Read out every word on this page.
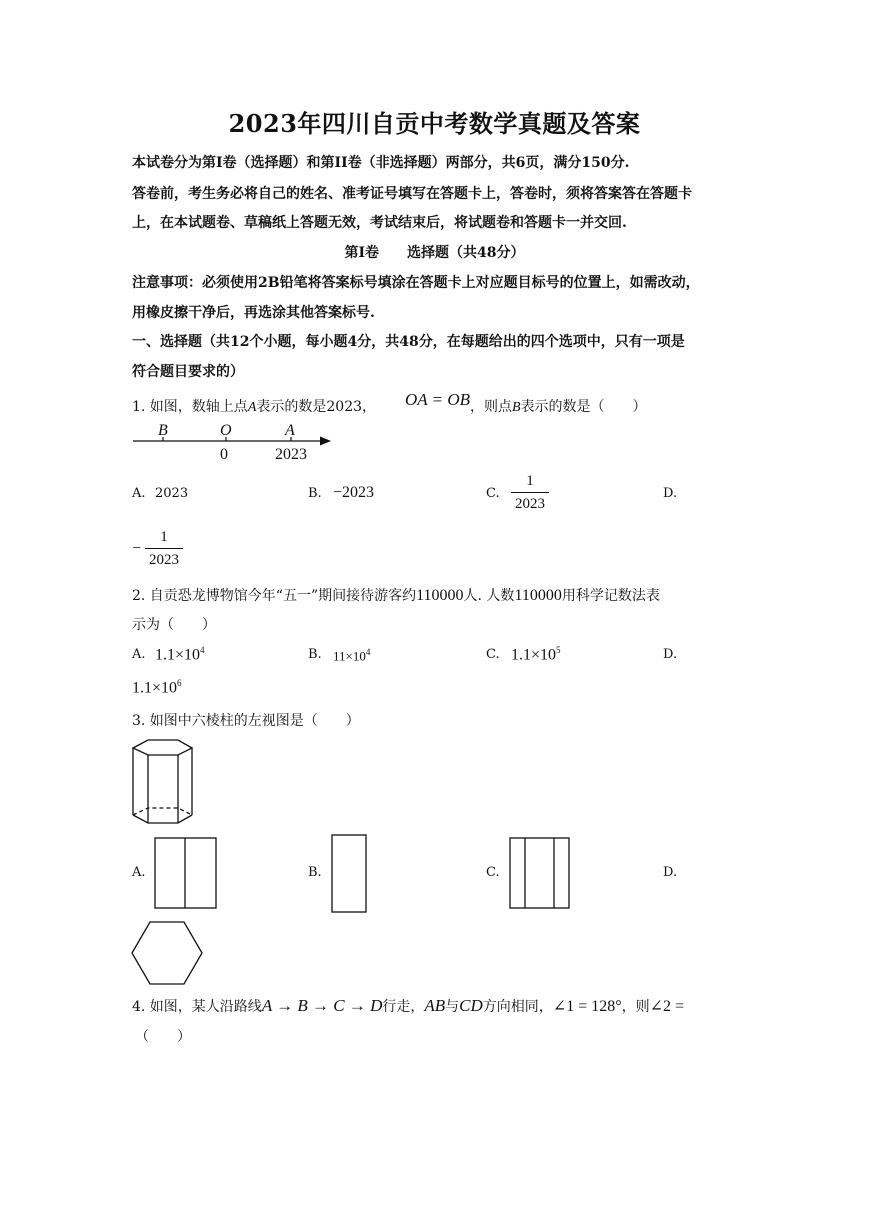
2023年四川自贡中考数学真题及答案
本试卷分为第Ⅰ卷（选择题）和第II卷（非选择题）两部分，共6页，满分150分.
答卷前，考生务必将自己的姓名、准考证号填写在答题卡上，答卷时，须将答案答在答题卡
上，在本试题卷、草稿纸上答题无效，考试结束后，将试题卷和答题卡一并交回.
第Ⅰ卷　　选择题（共48分）
注意事项：必须使用2B铅笔将答案标号填涂在答题卡上对应题目标号的位置上，如需改动，
用橡皮擦干净后，再选涂其他答案标号.
一、选择题（共12个小题，每小题4分，共48分，在每题给出的四个选项中，只有一项是
符合题目要求的）
1. 如图，数轴上点A表示的数是2023， OA = OB ，则点B表示的数是（　　）
B	O	A
0	2023
A. 2023	B. −2023	C.
1
2023
D.
−
1
2023
2. 自贡恐龙博物馆今年“五一”期间接待游客约110000人. 人数110000用科学记数法表
示为（　　）
A. $1.1\times 10^4$	B. $11\times 10^4$	C. $1.1\times 10^5$	D.
$1.1\times 10^6$
3. 如图中六棱柱的左视图是（　　）
A.	B.	C.	D.
4. 如图，某人沿路线A → B → C → D行走，AB与CD方向相同，∠1 = 128°，则∠2 =
（　　）
